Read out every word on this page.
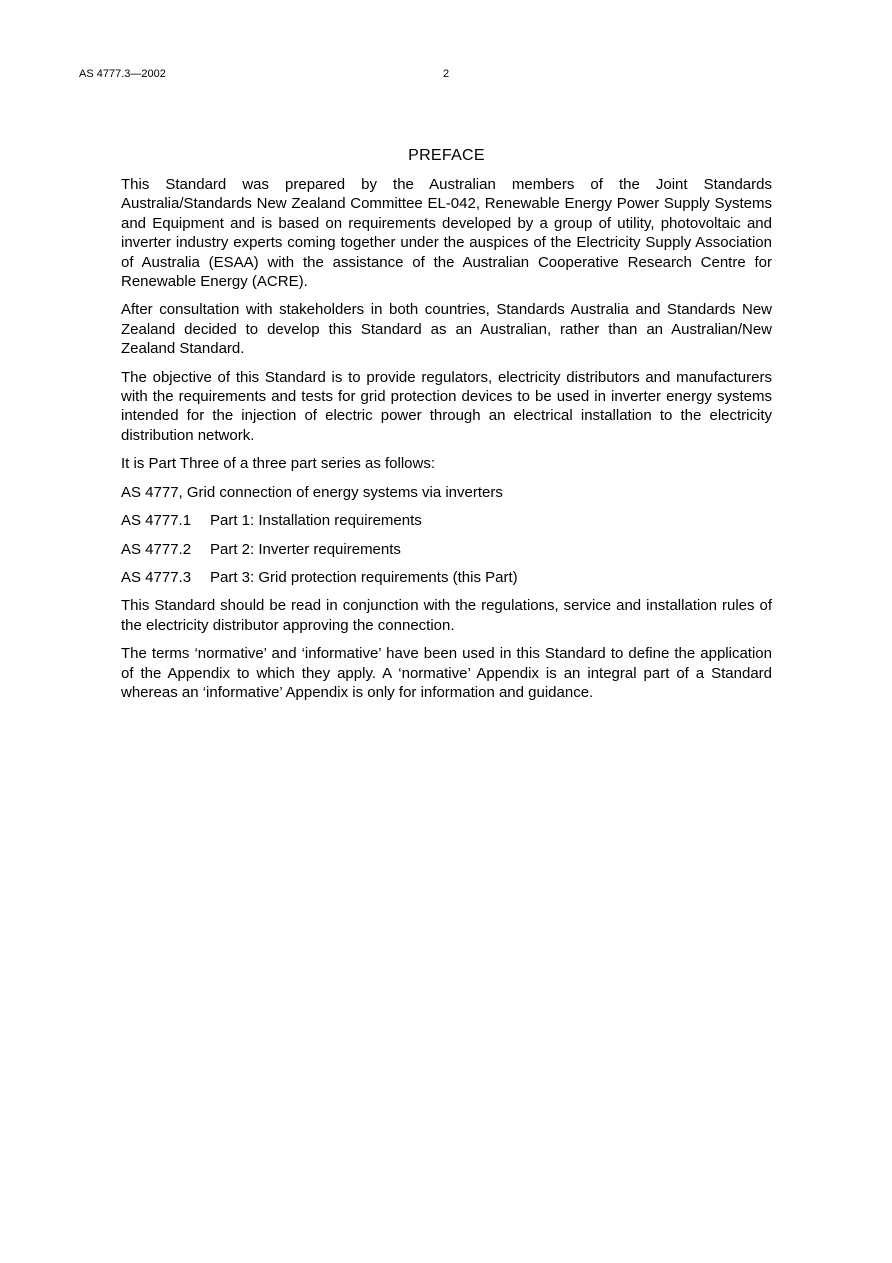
AS 4777.3—2002	2
PREFACE

This Standard was prepared by the Australian members of the Joint Standards Australia/Standards New Zealand Committee EL-042, Renewable Energy Power Supply Systems and Equipment and is based on requirements developed by a group of utility, photovoltaic and inverter industry experts coming together under the auspices of the Electricity Supply Association of Australia (ESAA) with the assistance of the Australian Cooperative Research Centre for Renewable Energy (ACRE).

After consultation with stakeholders in both countries, Standards Australia and Standards New Zealand decided to develop this Standard as an Australian, rather than an Australian/New Zealand Standard.

The objective of this Standard is to provide regulators, electricity distributors and manufacturers with the requirements and tests for grid protection devices to be used in inverter energy systems intended for the injection of electric power through an electrical installation to the electricity distribution network.

It is Part Three of a three part series as follows:

AS 4777, Grid connection of energy systems via inverters

AS 4777.1 Part 1: Installation requirements

AS 4777.2 Part 2: Inverter requirements

AS 4777.3 Part 3: Grid protection requirements (this Part)

This Standard should be read in conjunction with the regulations, service and installation rules of the electricity distributor approving the connection.

The terms ‘normative’ and ‘informative’ have been used in this Standard to define the application of the Appendix to which they apply. A ‘normative’ Appendix is an integral part of a Standard whereas an ‘informative’ Appendix is only for information and guidance.
